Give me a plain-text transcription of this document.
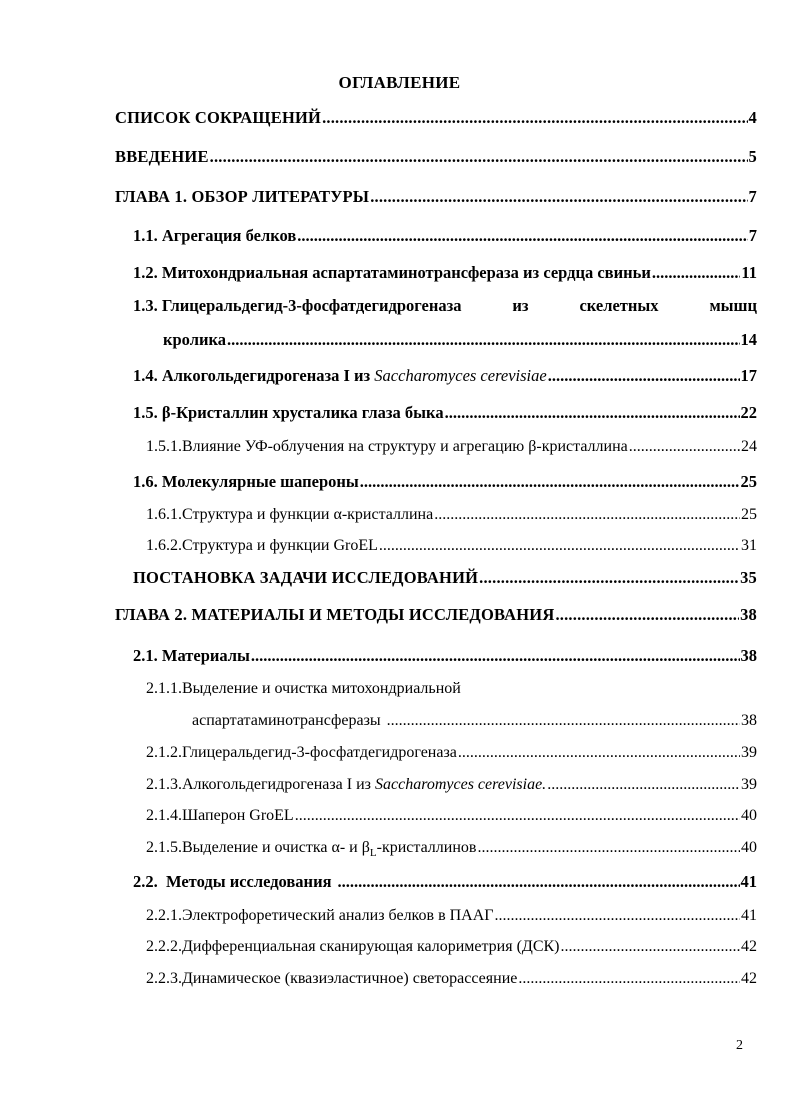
ОГЛАВЛЕНИЕ
СПИСОК СОКРАЩЕНИЙ .....	4
ВВЕДЕНИЕ .....	5
ГЛАВА 1. ОБЗОР ЛИТЕРАТУРЫ .....	7
1.1. Агрегация белков .....	7
1.2. Митохондриальная аспартатаминотрансфераза из сердца свиньи .....	11
1.3. Глицеральдегид-3-фосфатдегидрогеназа	из	скелетных	мышц
кролика .....	14
1.4. Алкогольдегидрогеназа I из Saccharomyces cerevisiae .....	17
1.5. β-Кристаллин хрусталика глаза быка .....	22
1.5.1.Влияние УФ-облучения на структуру и агрегацию β-кристаллина .....	24
1.6. Молекулярные шапероны .....	25
1.6.1.Структура и функции α-кристаллина .....	25
1.6.2.Структура и функции GroEL .....	31
ПОСТАНОВКА ЗАДАЧИ ИССЛЕДОВАНИЙ .....	35
ГЛАВА 2. МАТЕРИАЛЫ И МЕТОДЫ ИССЛЕДОВАНИЯ .....	38
2.1. Материалы .....	38
2.1.1.Выделение и очистка митохондриальной
аспартатаминотрансферазы .....	38
2.1.2.Глицеральдегид-3-фосфатдегидрогеназа .....	39
2.1.3.Алкогольдегидрогеназа I из Saccharomyces cerevisiae. .....	39
2.1.4.Шаперон GroEL .....	40
2.1.5.Выделение и очистка α- и $\beta_L$-кристаллинов .....	40
2.2.  Методы исследования .....	41
2.2.1.Электрофоретический анализ белков в ПААГ .....	41
2.2.2.Дифференциальная сканирующая калориметрия (ДСК) .....	42
2.2.3.Динамическое (квазиэластичное) светорассеяние .....	42
2
